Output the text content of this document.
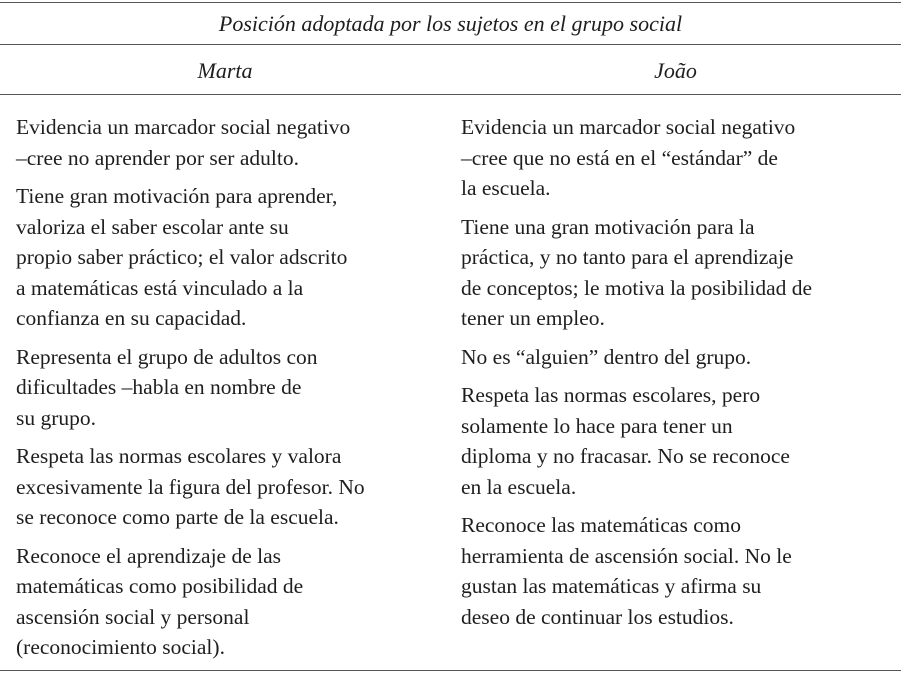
Posición adoptada por los sujetos en el grupo social
Marta	João

Evidencia un marcador social negativo
–cree no aprender por ser adulto.

Tiene gran motivación para aprender,
valoriza el saber escolar ante su
propio saber práctico; el valor adscrito
a matemáticas está vinculado a la
confianza en su capacidad.

Representa el grupo de adultos con
dificultades –habla en nombre de
su grupo.

Respeta las normas escolares y valora
excesivamente la figura del profesor. No
se reconoce como parte de la escuela.

Reconoce el aprendizaje de las
matemáticas como posibilidad de
ascensión social y personal
(reconocimiento social).

Evidencia un marcador social negativo
–cree que no está en el “estándar” de
la escuela.

Tiene una gran motivación para la
práctica, y no tanto para el aprendizaje
de conceptos; le motiva la posibilidad de
tener un empleo.

No es “alguien” dentro del grupo.

Respeta las normas escolares, pero
solamente lo hace para tener un
diploma y no fracasar. No se reconoce
en la escuela.

Reconoce las matemáticas como
herramienta de ascensión social. No le
gustan las matemáticas y afirma su
deseo de continuar los estudios.
